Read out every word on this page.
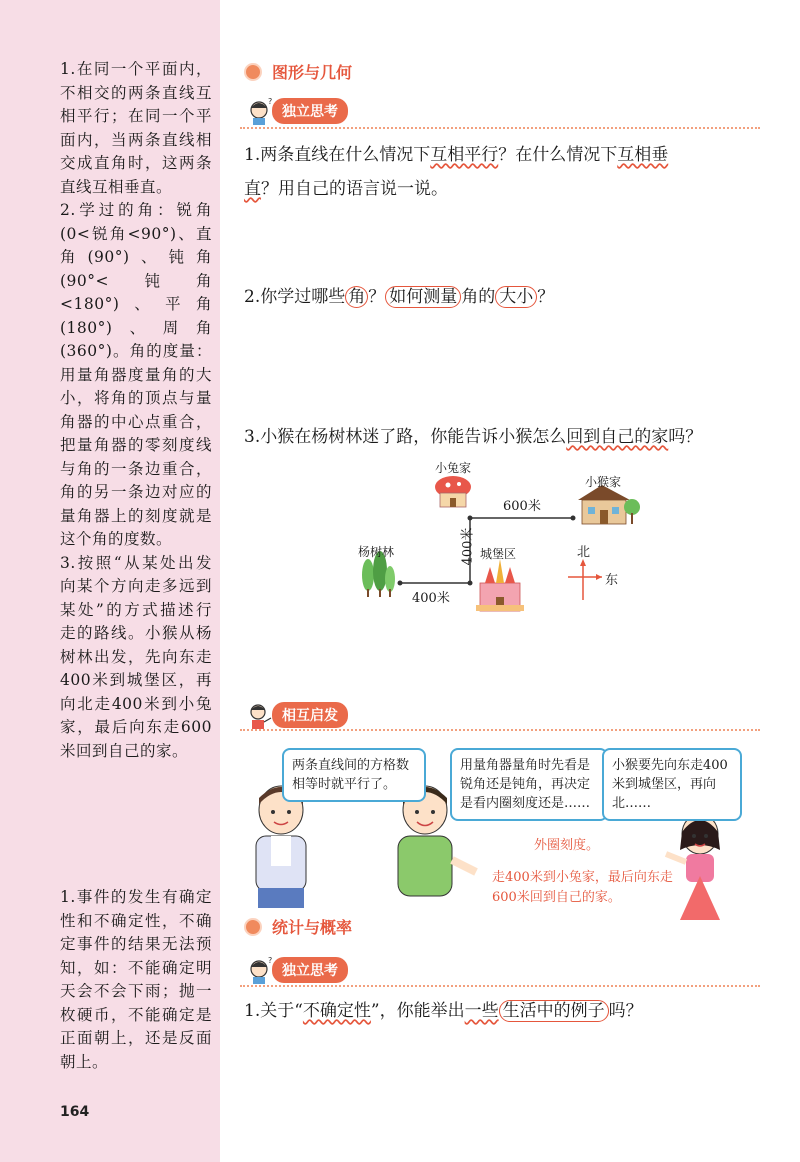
1.在同一个平面内，不相交的两条直线互相平行；在同一个平面内，当两条直线相交成直角时，这两条直线互相垂直。

2.学过的角：锐角(0<锐角<90°)、直角(90°)、钝角(90°<钝角<180°)、平角(180°)、周角(360°)。角的度量：用量角器度量角的大小，将角的顶点与量角器的中心点重合，把量角器的零刻度线与角的一条边重合，角的另一条边对应的量角器上的刻度就是这个角的度数。

3.按照“从某处出发向某个方向走多远到某处”的方式描述行走的路线。小猴从杨树林出发，先向东走400米到城堡区，再向北走400米到小兔家，最后向东走600米回到自己的家。

1.事件的发生有确定性和不确定性，不确定事件的结果无法预知，如：不能确定明天会不会下雨；抛一枚硬币，不能确定是正面朝上，还是反面朝上。

164
图形与几何
?
独立思考
1.两条直线在什么情况下互相平行？在什么情况下互相垂
直？用自己的语言说一说。
2.你学过哪些 角 ？ 如何测量 角的 大小 ？
3.小猴在杨树林迷了路，你能告诉小猴怎么回到自己的家吗？
小兔家
小猴家
600米
杨树林	城堡区
400米
400米
北
东
相互启发
两条直线间的方格数相等时就平行了。
用量角器量角时先看是锐角还是钝角，再决定是看内圈刻度还是……
外圈刻度。
小猴要先向东走400米到城堡区，再向北……
走400米到小兔家，最后向东走600米回到自己的家。
统计与概率
?
独立思考
1.关于“不确定性”，你能举出一些 生活中的例子 吗？
